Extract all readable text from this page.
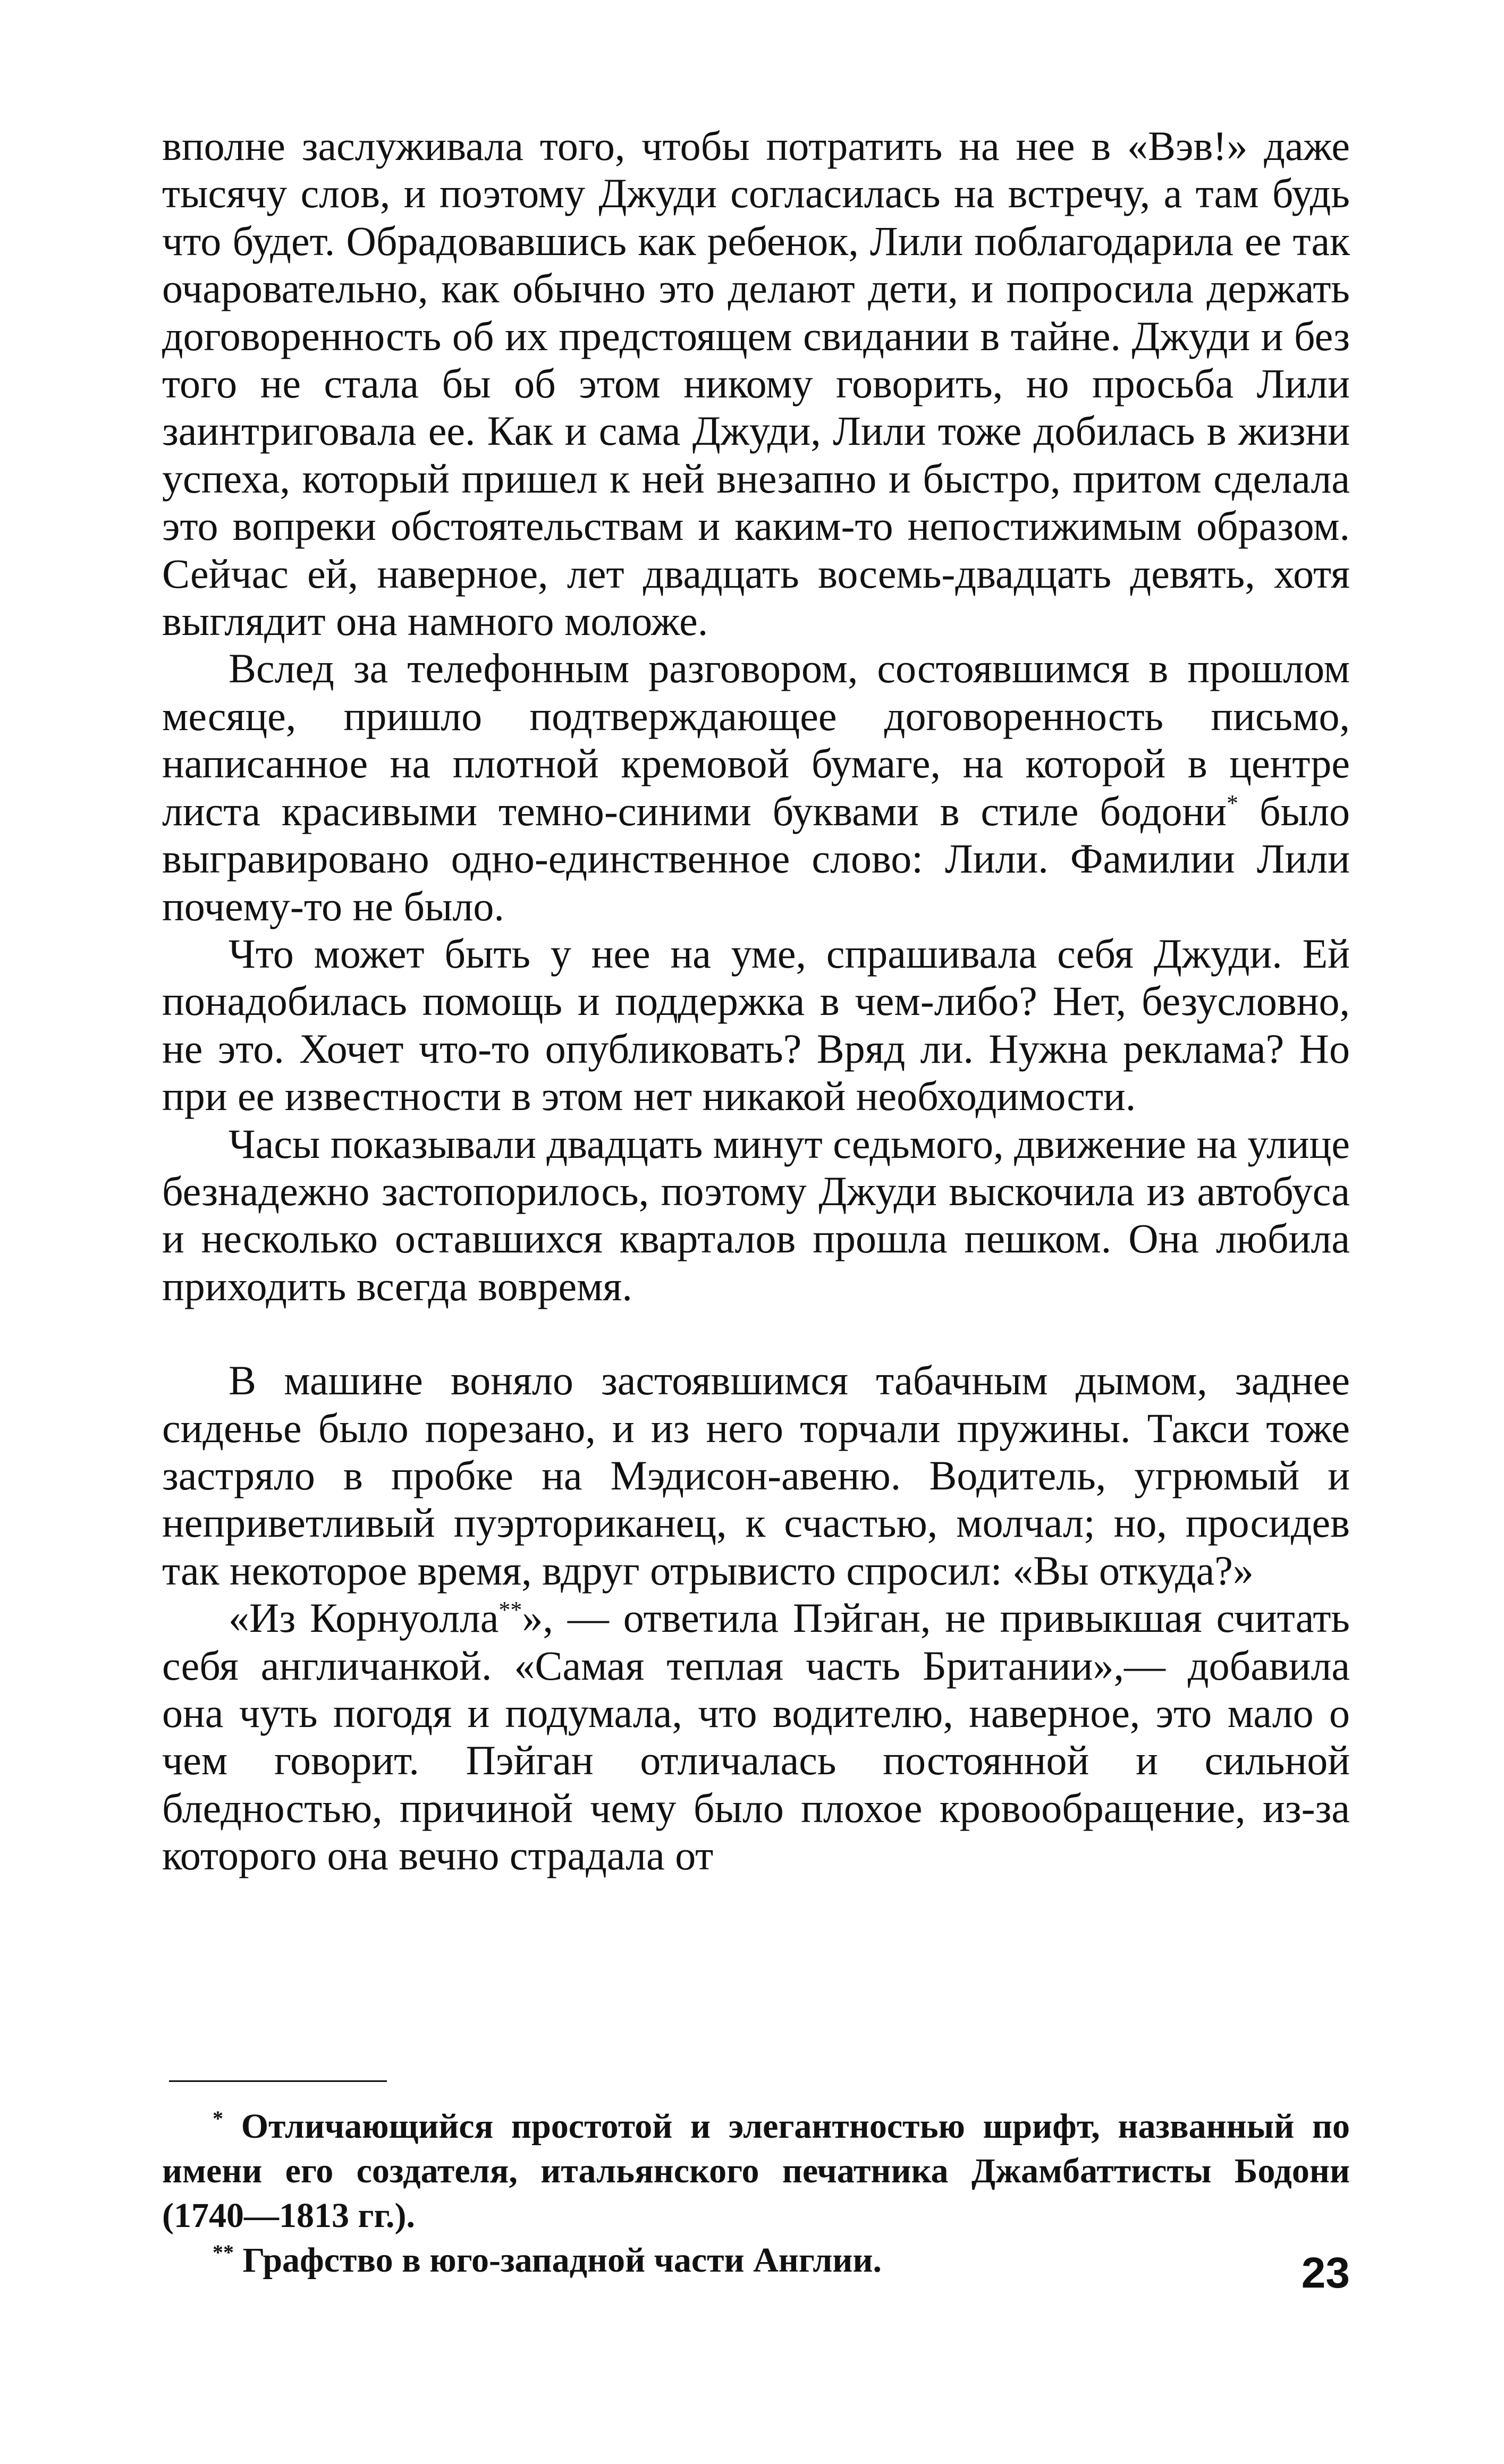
вполне заслуживала того, чтобы потратить на нее в «Вэв!» даже тысячу слов, и поэтому Джуди согласилась на встречу, а там будь что будет. Обрадовавшись как ребенок, Лили поблагодарила ее так очаровательно, как обычно это делают дети, и попросила держать договоренность об их предстоящем свидании в тайне. Джуди и без того не стала бы об этом никому говорить, но просьба Лили заинтриговала ее. Как и сама Джуди, Лили тоже добилась в жизни успеха, который пришел к ней внезапно и быстро, притом сделала это вопреки обстоятельствам и каким-то непостижимым образом. Сейчас ей, наверное, лет двадцать восемь-двадцать девять, хотя выглядит она намного моложе.

Вслед за телефонным разговором, состоявшимся в прошлом месяце, пришло подтверждающее договоренность письмо, написанное на плотной кремовой бумаге, на которой в центре листа красивыми темно-синими буквами в стиле бодони* было выгравировано одно-единственное слово: Лили. Фамилии Лили почему-то не было.

Что может быть у нее на уме, спрашивала себя Джуди. Ей понадобилась помощь и поддержка в чем-либо? Нет, безусловно, не это. Хочет что-то опубликовать? Вряд ли. Нужна реклама? Но при ее известности в этом нет никакой необходимости.

Часы показывали двадцать минут седьмого, движение на улице безнадежно застопорилось, поэтому Джуди выскочила из автобуса и несколько оставшихся кварталов прошла пешком. Она любила приходить всегда вовремя.

В машине воняло застоявшимся табачным дымом, заднее сиденье было порезано, и из него торчали пружины. Такси тоже застряло в пробке на Мэдисон-авеню. Водитель, угрюмый и неприветливый пуэрториканец, к счастью, молчал; но, просидев так некоторое время, вдруг отрывисто спросил: «Вы откуда?»

«Из Корнуолла**», — ответила Пэйган, не привыкшая считать себя англичанкой. «Самая теплая часть Британии»,— добавила она чуть погодя и подумала, что водителю, наверное, это мало о чем говорит. Пэйган отличалась постоянной и сильной бледностью, причиной чему было плохое кровообращение, из-за которого она вечно страдала от

* Отличающийся простотой и элегантностью шрифт, названный по имени его создателя, итальянского печатника Джамбаттисты Бодони (1740—1813 гг.).

** Графство в юго-западной части Англии.	23
